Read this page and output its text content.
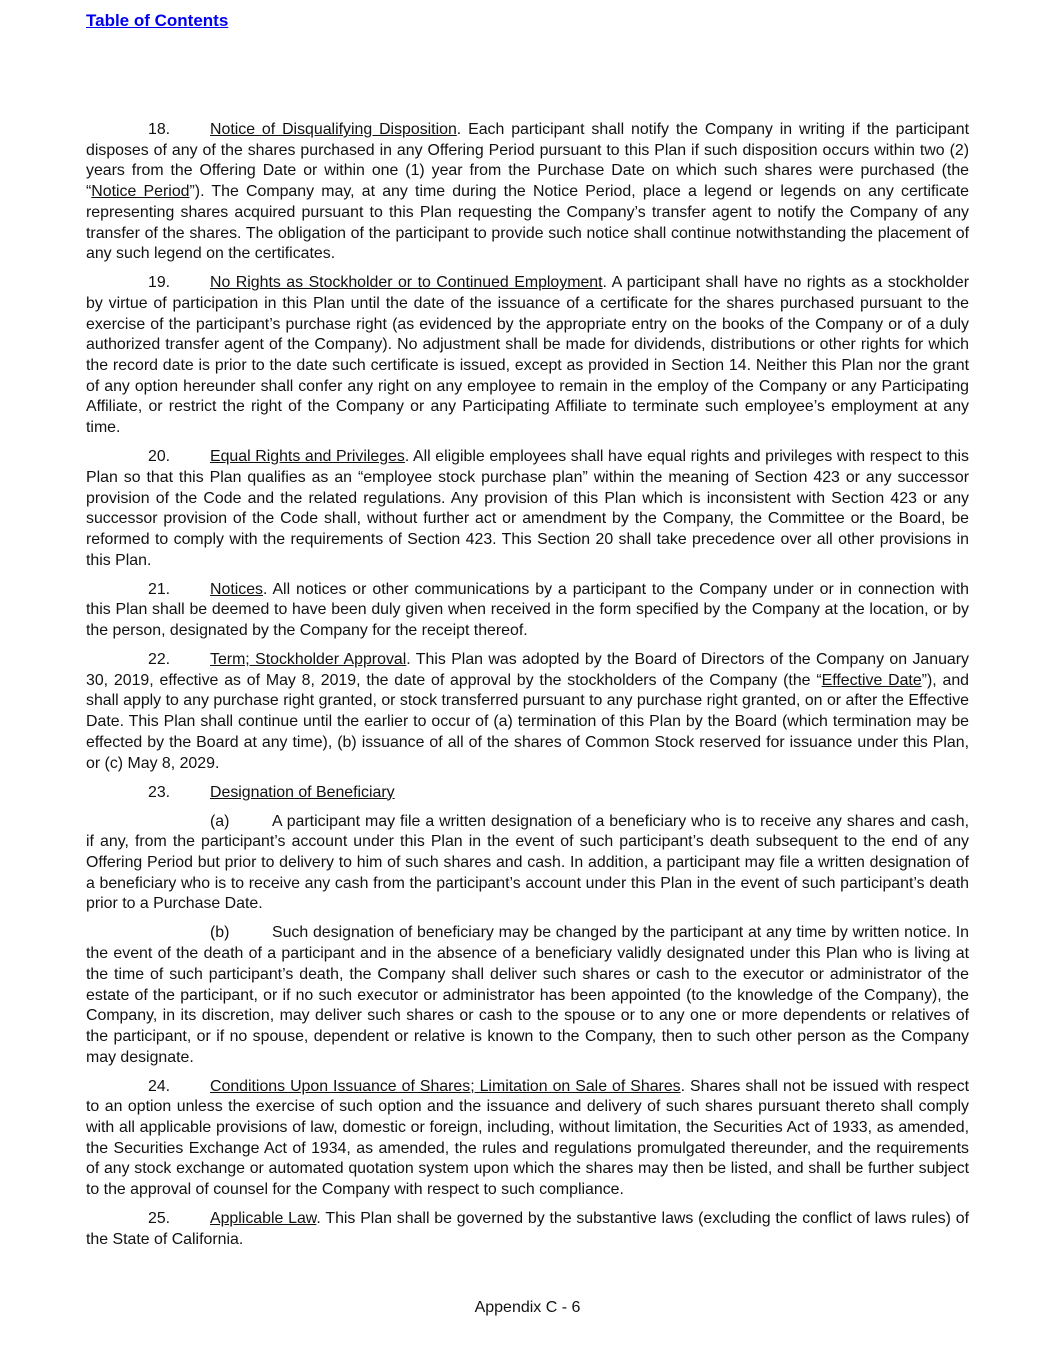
Table of Contents

18.	Notice of Disqualifying Disposition. Each participant shall notify the Company in writing if the participant disposes of any of the shares purchased in any Offering Period pursuant to this Plan if such disposition occurs within two (2) years from the Offering Date or within one (1) year from the Purchase Date on which such shares were purchased (the “Notice Period”). The Company may, at any time during the Notice Period, place a legend or legends on any certificate representing shares acquired pursuant to this Plan requesting the Company’s transfer agent to notify the Company of any transfer of the shares. The obligation of the participant to provide such notice shall continue notwithstanding the placement of any such legend on the certificates.

19.	No Rights as Stockholder or to Continued Employment. A participant shall have no rights as a stockholder by virtue of participation in this Plan until the date of the issuance of a certificate for the shares purchased pursuant to the exercise of the participant’s purchase right (as evidenced by the appropriate entry on the books of the Company or of a duly authorized transfer agent of the Company). No adjustment shall be made for dividends, distributions or other rights for which the record date is prior to the date such certificate is issued, except as provided in Section 14. Neither this Plan nor the grant of any option hereunder shall confer any right on any employee to remain in the employ of the Company or any Participating Affiliate, or restrict the right of the Company or any Participating Affiliate to terminate such employee’s employment at any time.

20.	Equal Rights and Privileges. All eligible employees shall have equal rights and privileges with respect to this Plan so that this Plan qualifies as an “employee stock purchase plan” within the meaning of Section 423 or any successor provision of the Code and the related regulations. Any provision of this Plan which is inconsistent with Section 423 or any successor provision of the Code shall, without further act or amendment by the Company, the Committee or the Board, be reformed to comply with the requirements of Section 423. This Section 20 shall take precedence over all other provisions in this Plan.

21.	Notices. All notices or other communications by a participant to the Company under or in connection with this Plan shall be deemed to have been duly given when received in the form specified by the Company at the location, or by the person, designated by the Company for the receipt thereof.

22.	Term; Stockholder Approval. This Plan was adopted by the Board of Directors of the Company on January 30, 2019, effective as of May 8, 2019, the date of approval by the stockholders of the Company (the “Effective Date”), and shall apply to any purchase right granted, or stock transferred pursuant to any purchase right granted, on or after the Effective Date. This Plan shall continue until the earlier to occur of (a) termination of this Plan by the Board (which termination may be effected by the Board at any time), (b) issuance of all of the shares of Common Stock reserved for issuance under this Plan, or (c) May 8, 2029.

23.	Designation of Beneficiary

(a)	A participant may file a written designation of a beneficiary who is to receive any shares and cash, if any, from the participant’s account under this Plan in the event of such participant’s death subsequent to the end of any Offering Period but prior to delivery to him of such shares and cash. In addition, a participant may file a written designation of a beneficiary who is to receive any cash from the participant’s account under this Plan in the event of such participant’s death prior to a Purchase Date.

(b)	Such designation of beneficiary may be changed by the participant at any time by written notice. In the event of the death of a participant and in the absence of a beneficiary validly designated under this Plan who is living at the time of such participant’s death, the Company shall deliver such shares or cash to the executor or administrator of the estate of the participant, or if no such executor or administrator has been appointed (to the knowledge of the Company), the Company, in its discretion, may deliver such shares or cash to the spouse or to any one or more dependents or relatives of the participant, or if no spouse, dependent or relative is known to the Company, then to such other person as the Company may designate.

24.	Conditions Upon Issuance of Shares; Limitation on Sale of Shares. Shares shall not be issued with respect to an option unless the exercise of such option and the issuance and delivery of such shares pursuant thereto shall comply with all applicable provisions of law, domestic or foreign, including, without limitation, the Securities Act of 1933, as amended, the Securities Exchange Act of 1934, as amended, the rules and regulations promulgated thereunder, and the requirements of any stock exchange or automated quotation system upon which the shares may then be listed, and shall be further subject to the approval of counsel for the Company with respect to such compliance.

25.	Applicable Law. This Plan shall be governed by the substantive laws (excluding the conflict of laws rules) of the State of California.

Appendix C - 6
